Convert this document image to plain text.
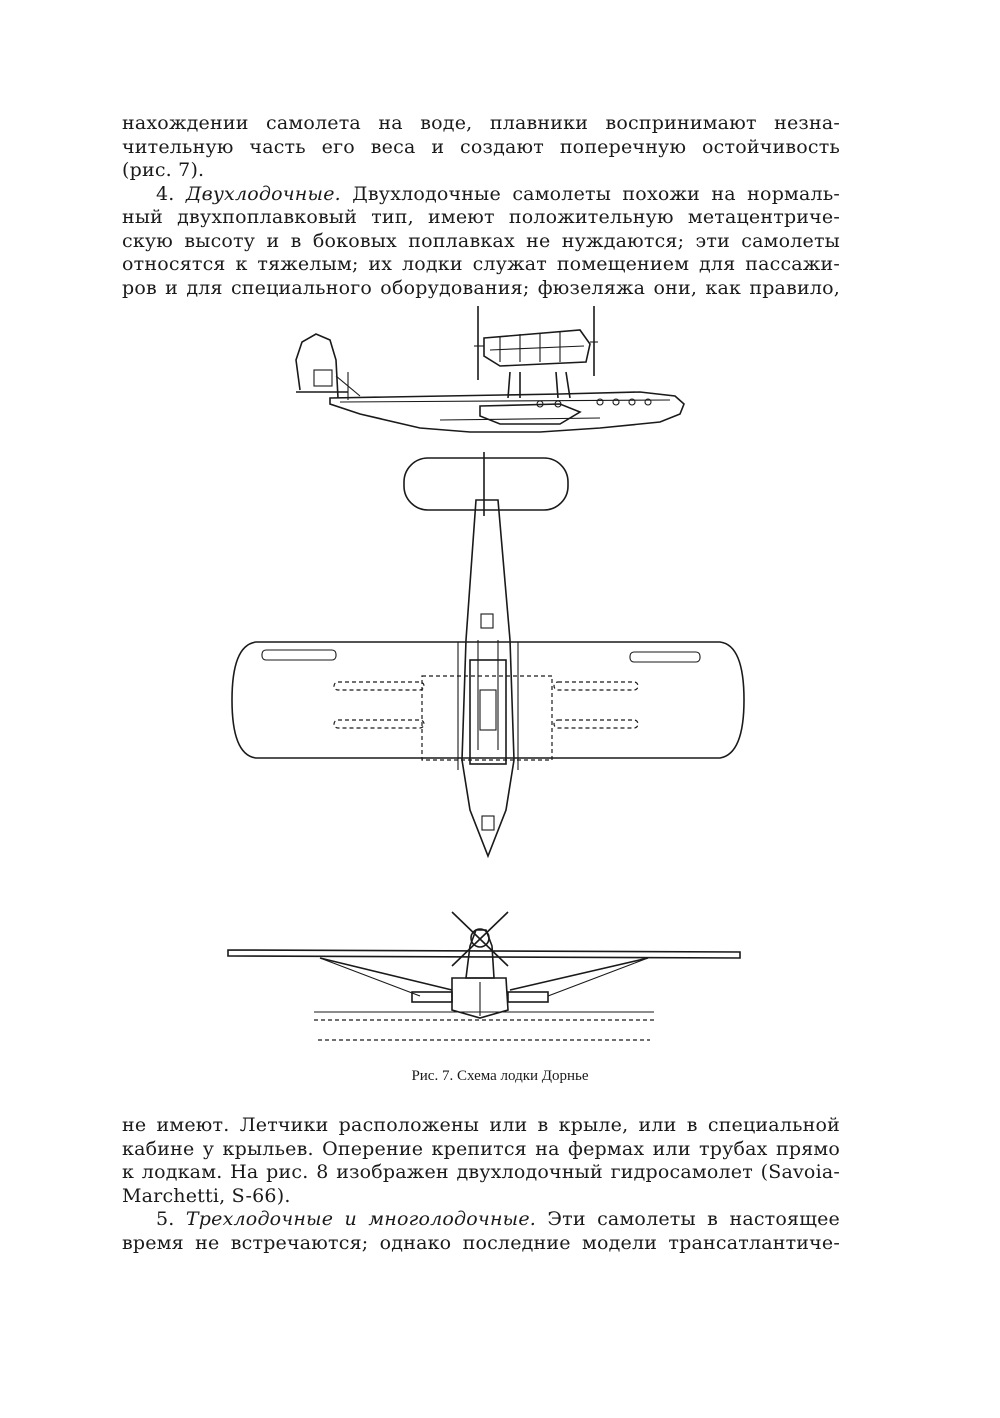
нахождении самолета на воде, плавники воспринимают незна-
чительную часть его веса и создают поперечную остойчивость
(рис. 7).
4. Двухлодочные. Двухлодочные самолеты похожи на нормаль-
ный двухпоплавковый тип, имеют положительную метацентриче-
скую высоту и в боковых поплавках не нуждаются; эти самолеты
относятся к тяжелым; их лодки служат помещением для пассажи-
ров и для специального оборудования; фюзеляжа они, как правило,
Рис. 7. Схема лодки Дорнье
не имеют. Летчики расположены или в крыле, или в специальной
кабине у крыльев. Оперение крепится на фермах или трубах прямо
к лодкам. На рис. 8 изображен двухлодочный гидросамолет (Savoia-
Marchetti, S-66).
5. Трехлодочные и многолодочные. Эти самолеты в настоящее
время не встречаются; однако последние модели трансатлантиче-
